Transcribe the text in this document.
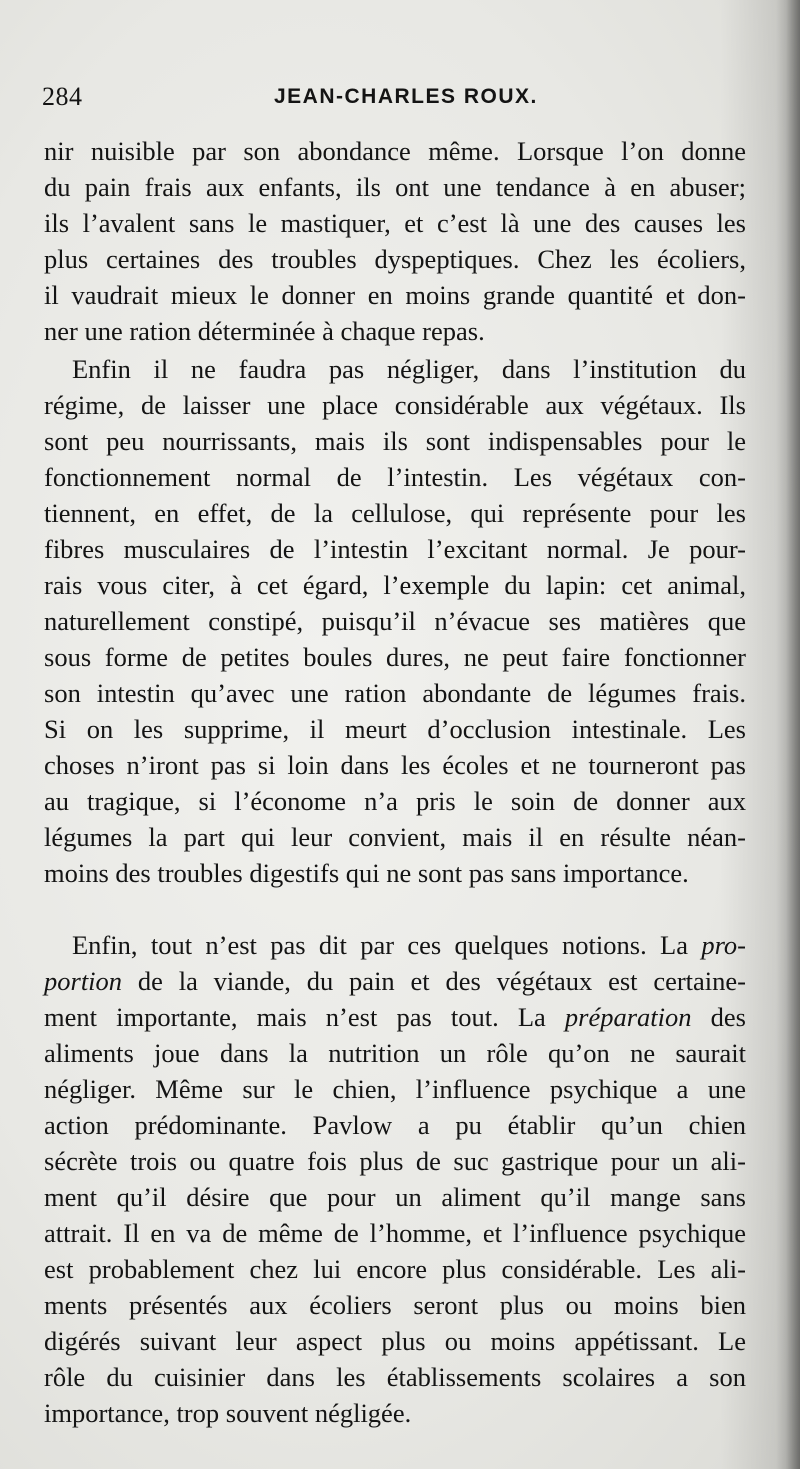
284	JEAN-CHARLES ROUX.
nir nuisible par son abondance même. Lorsque l’on donne
du pain frais aux enfants, ils ont une tendance à en abuser;
ils l’avalent sans le mastiquer, et c’est là une des causes les
plus certaines des troubles dyspeptiques. Chez les écoliers,
il vaudrait mieux le donner en moins grande quantité et don-
ner une ration déterminée à chaque repas.
Enfin il ne faudra pas négliger, dans l’institution du
régime, de laisser une place considérable aux végétaux. Ils
sont peu nourrissants, mais ils sont indispensables pour le
fonctionnement normal de l’intestin. Les végétaux con-
tiennent, en effet, de la cellulose, qui représente pour les
fibres musculaires de l’intestin l’excitant normal. Je pour-
rais vous citer, à cet égard, l’exemple du lapin: cet animal,
naturellement constipé, puisqu’il n’évacue ses matières que
sous forme de petites boules dures, ne peut faire fonctionner
son intestin qu’avec une ration abondante de légumes frais.
Si on les supprime, il meurt d’occlusion intestinale. Les
choses n’iront pas si loin dans les écoles et ne tourneront pas
au tragique, si l’économe n’a pris le soin de donner aux
légumes la part qui leur convient, mais il en résulte néan-
moins des troubles digestifs qui ne sont pas sans importance.
Enfin, tout n’est pas dit par ces quelques notions. La pro-
portion de la viande, du pain et des végétaux est certaine-
ment importante, mais n’est pas tout. La préparation des
aliments joue dans la nutrition un rôle qu’on ne saurait
négliger. Même sur le chien, l’influence psychique a une
action prédominante. Pavlow a pu établir qu’un chien
sécrète trois ou quatre fois plus de suc gastrique pour un ali-
ment qu’il désire que pour un aliment qu’il mange sans
attrait. Il en va de même de l’homme, et l’influence psychique
est probablement chez lui encore plus considérable. Les ali-
ments présentés aux écoliers seront plus ou moins bien
digérés suivant leur aspect plus ou moins appétissant. Le
rôle du cuisinier dans les établissements scolaires a son
importance, trop souvent négligée.
